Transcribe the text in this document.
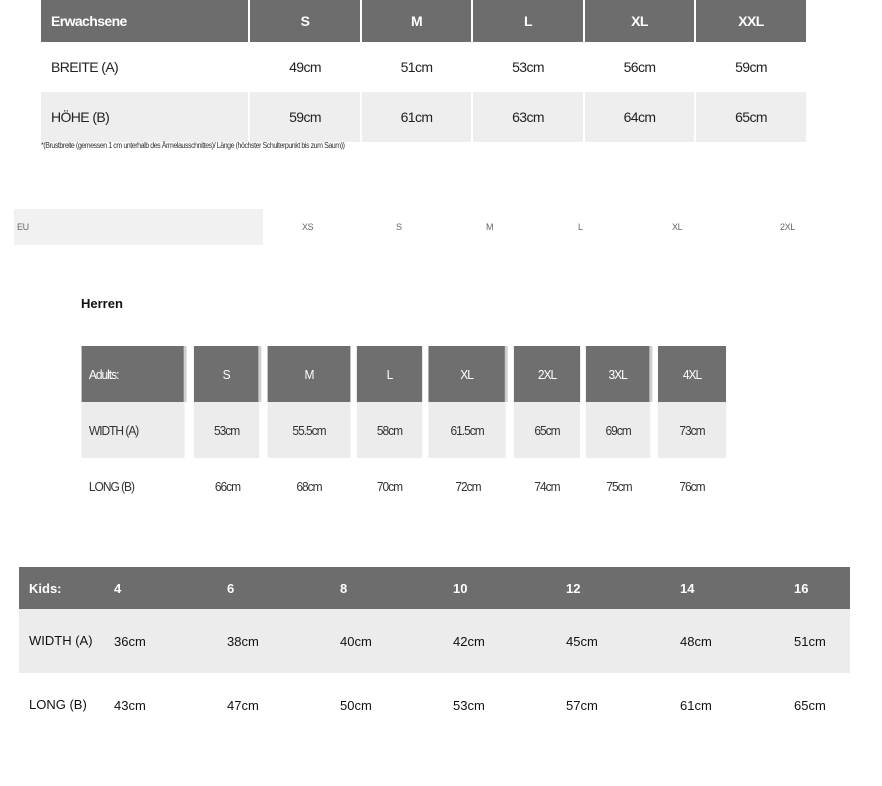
Erwachsene	S	M	L	XL	XXL
BREITE (A)	49cm	51cm	53cm	56cm	59cm
HÖHE (B)	59cm	61cm	63cm	64cm	65cm
*(Brustbreite (gemessen 1 cm unterhalb des Ärmelausschnittes)/ Länge (höchster Schulterpunkt bis zum Saum))
EU	XS	S	M	L	XL	2XL
Herren
Adults:	S	M	L	XL	2XL	3XL	4XL
WIDTH (A)	53cm	55.5cm	58cm	61.5cm	65cm	69cm	73cm
LONG (B)	66cm	68cm	70cm	72cm	74cm	75cm	76cm
Kids:	4	6	8	10	12	14	16
WIDTH (A)	36cm	38cm	40cm	42cm	45cm	48cm	51cm
LONG (B)	43cm	47cm	50cm	53cm	57cm	61cm	65cm
